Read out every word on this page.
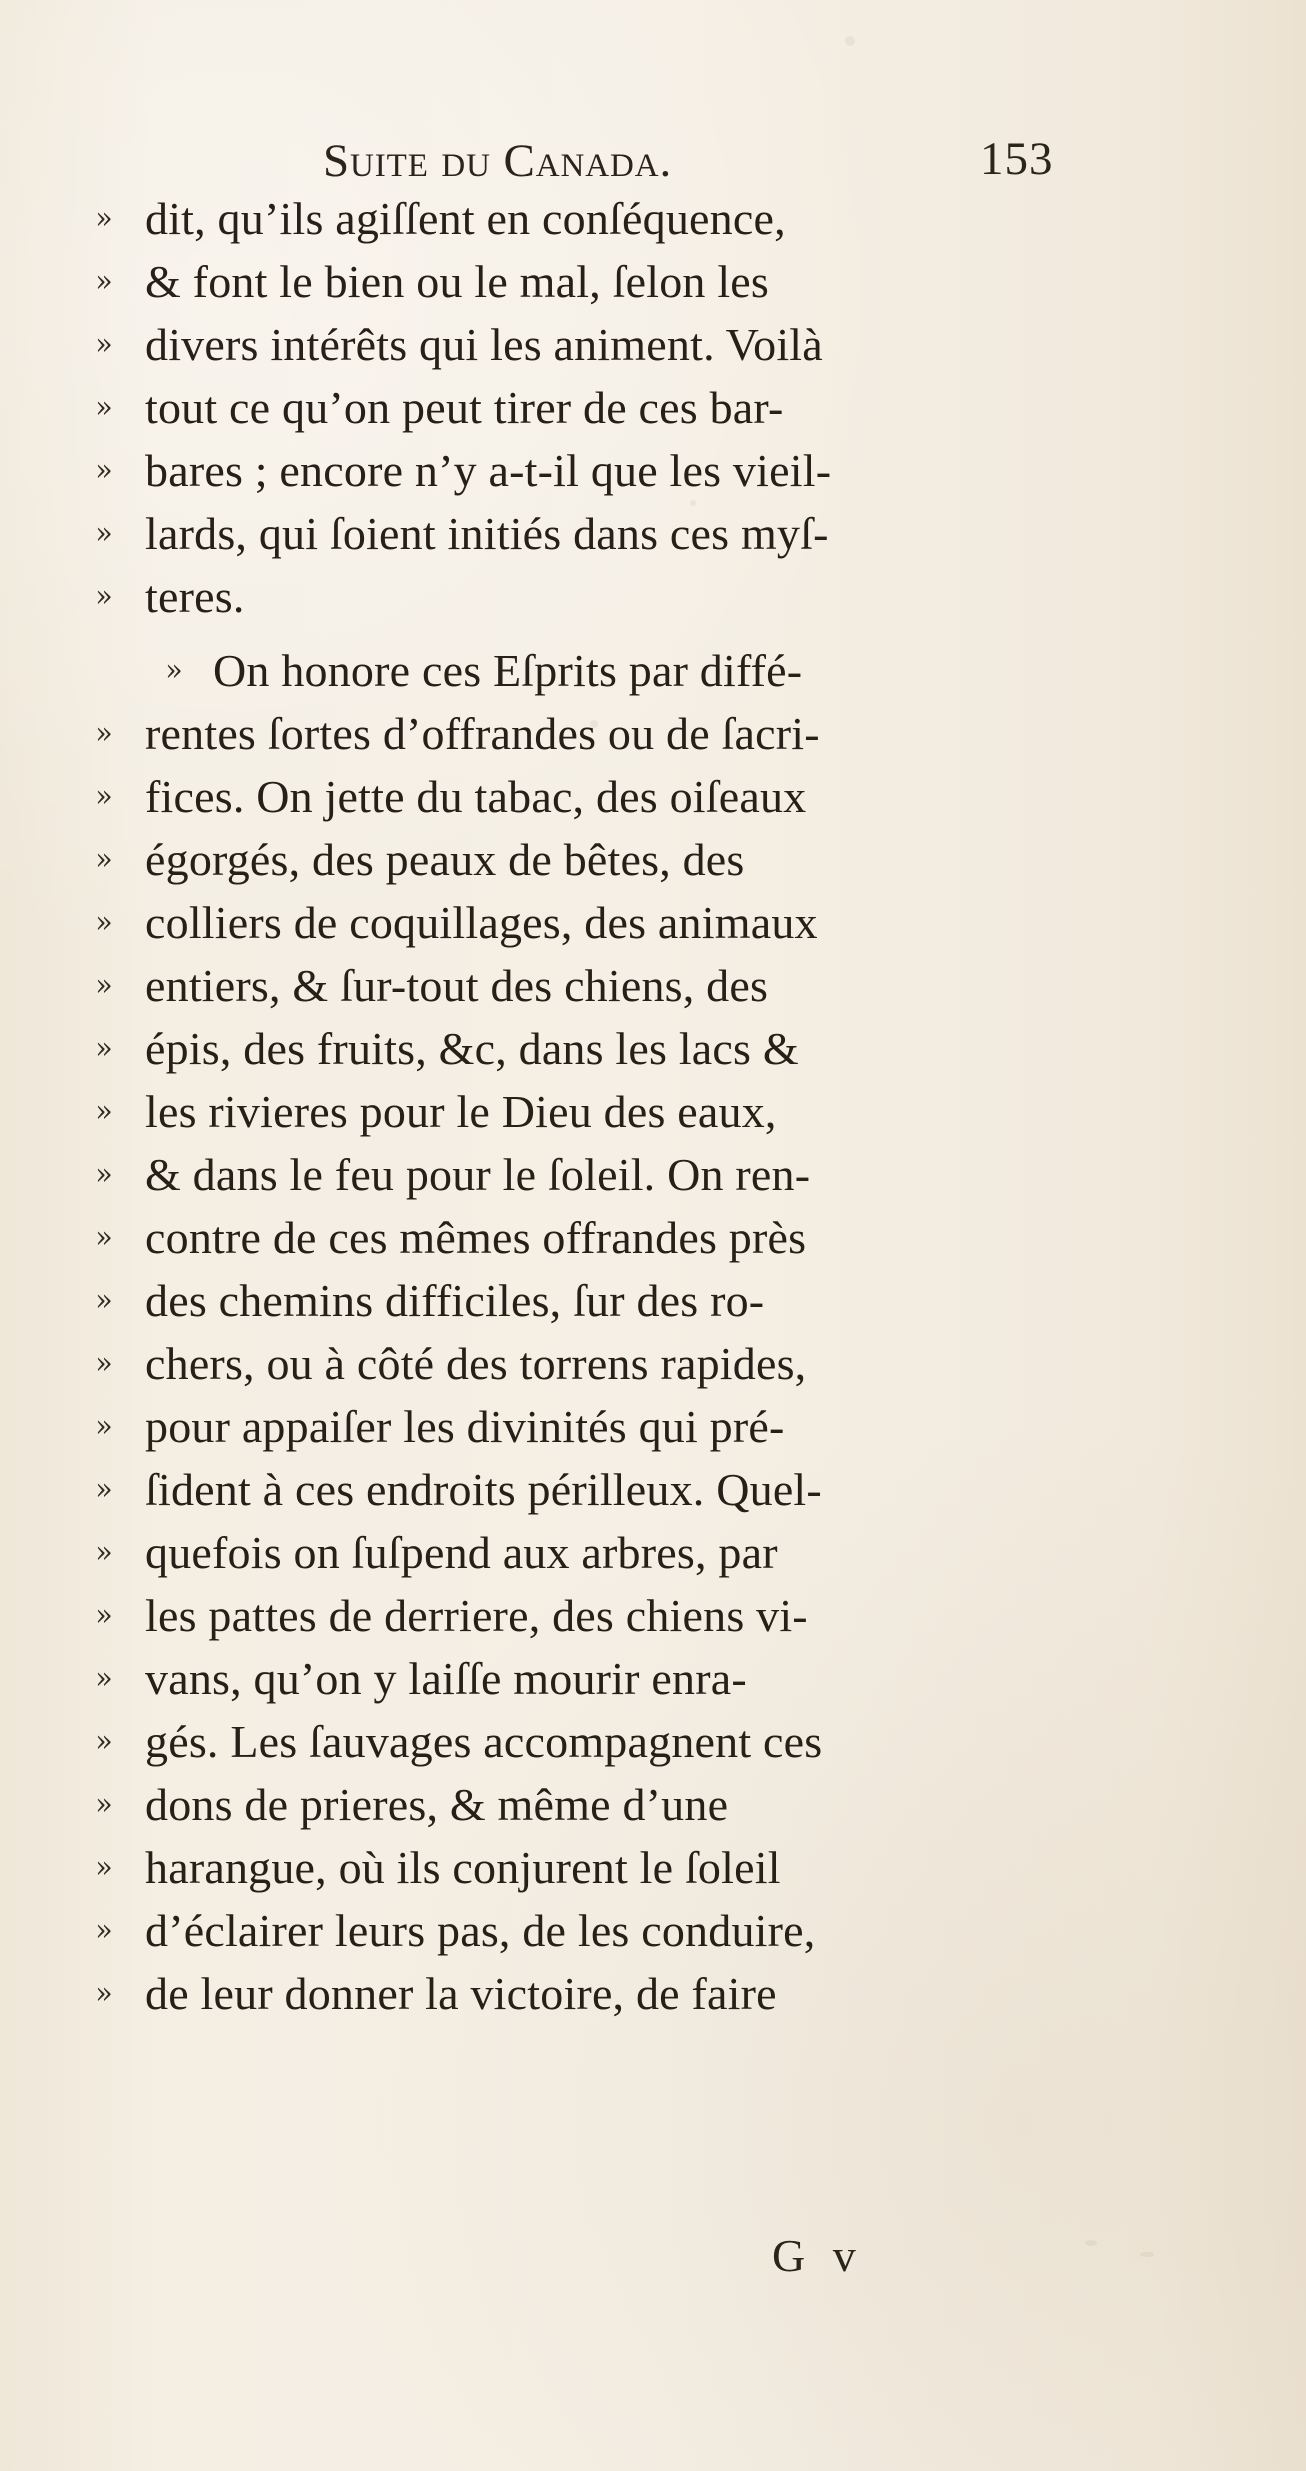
Suite du Canada.	153
» dit, qu’ils agiſſent en conſéquence,
» & font le bien ou le mal, ſelon les
» divers intérêts qui les animent. Voilà
» tout ce qu’on peut tirer de ces bar-
» bares ; encore n’y a-t-il que les vieil-
» lards, qui ſoient initiés dans ces myſ-
» teres.
» On honore ces Eſprits par diffé-
» rentes ſortes d’offrandes ou de ſacri-
» fices. On jette du tabac, des oiſeaux
» égorgés, des peaux de bêtes, des
» colliers de coquillages, des animaux
» entiers, & ſur-tout des chiens, des
» épis, des fruits, &c, dans les lacs &
» les rivieres pour le Dieu des eaux,
» & dans le feu pour le ſoleil. On ren-
» contre de ces mêmes offrandes près
» des chemins difficiles, ſur des ro-
» chers, ou à côté des torrens rapides,
» pour appaiſer les divinités qui pré-
» ſident à ces endroits périlleux. Quel-
» quefois on ſuſpend aux arbres, par
» les pattes de derriere, des chiens vi-
» vans, qu’on y laiſſe mourir enra-
» gés. Les ſauvages accompagnent ces
» dons de prieres, & même d’une
» harangue, où ils conjurent le ſoleil
» d’éclairer leurs pas, de les conduire,
» de leur donner la victoire, de faire
G v
